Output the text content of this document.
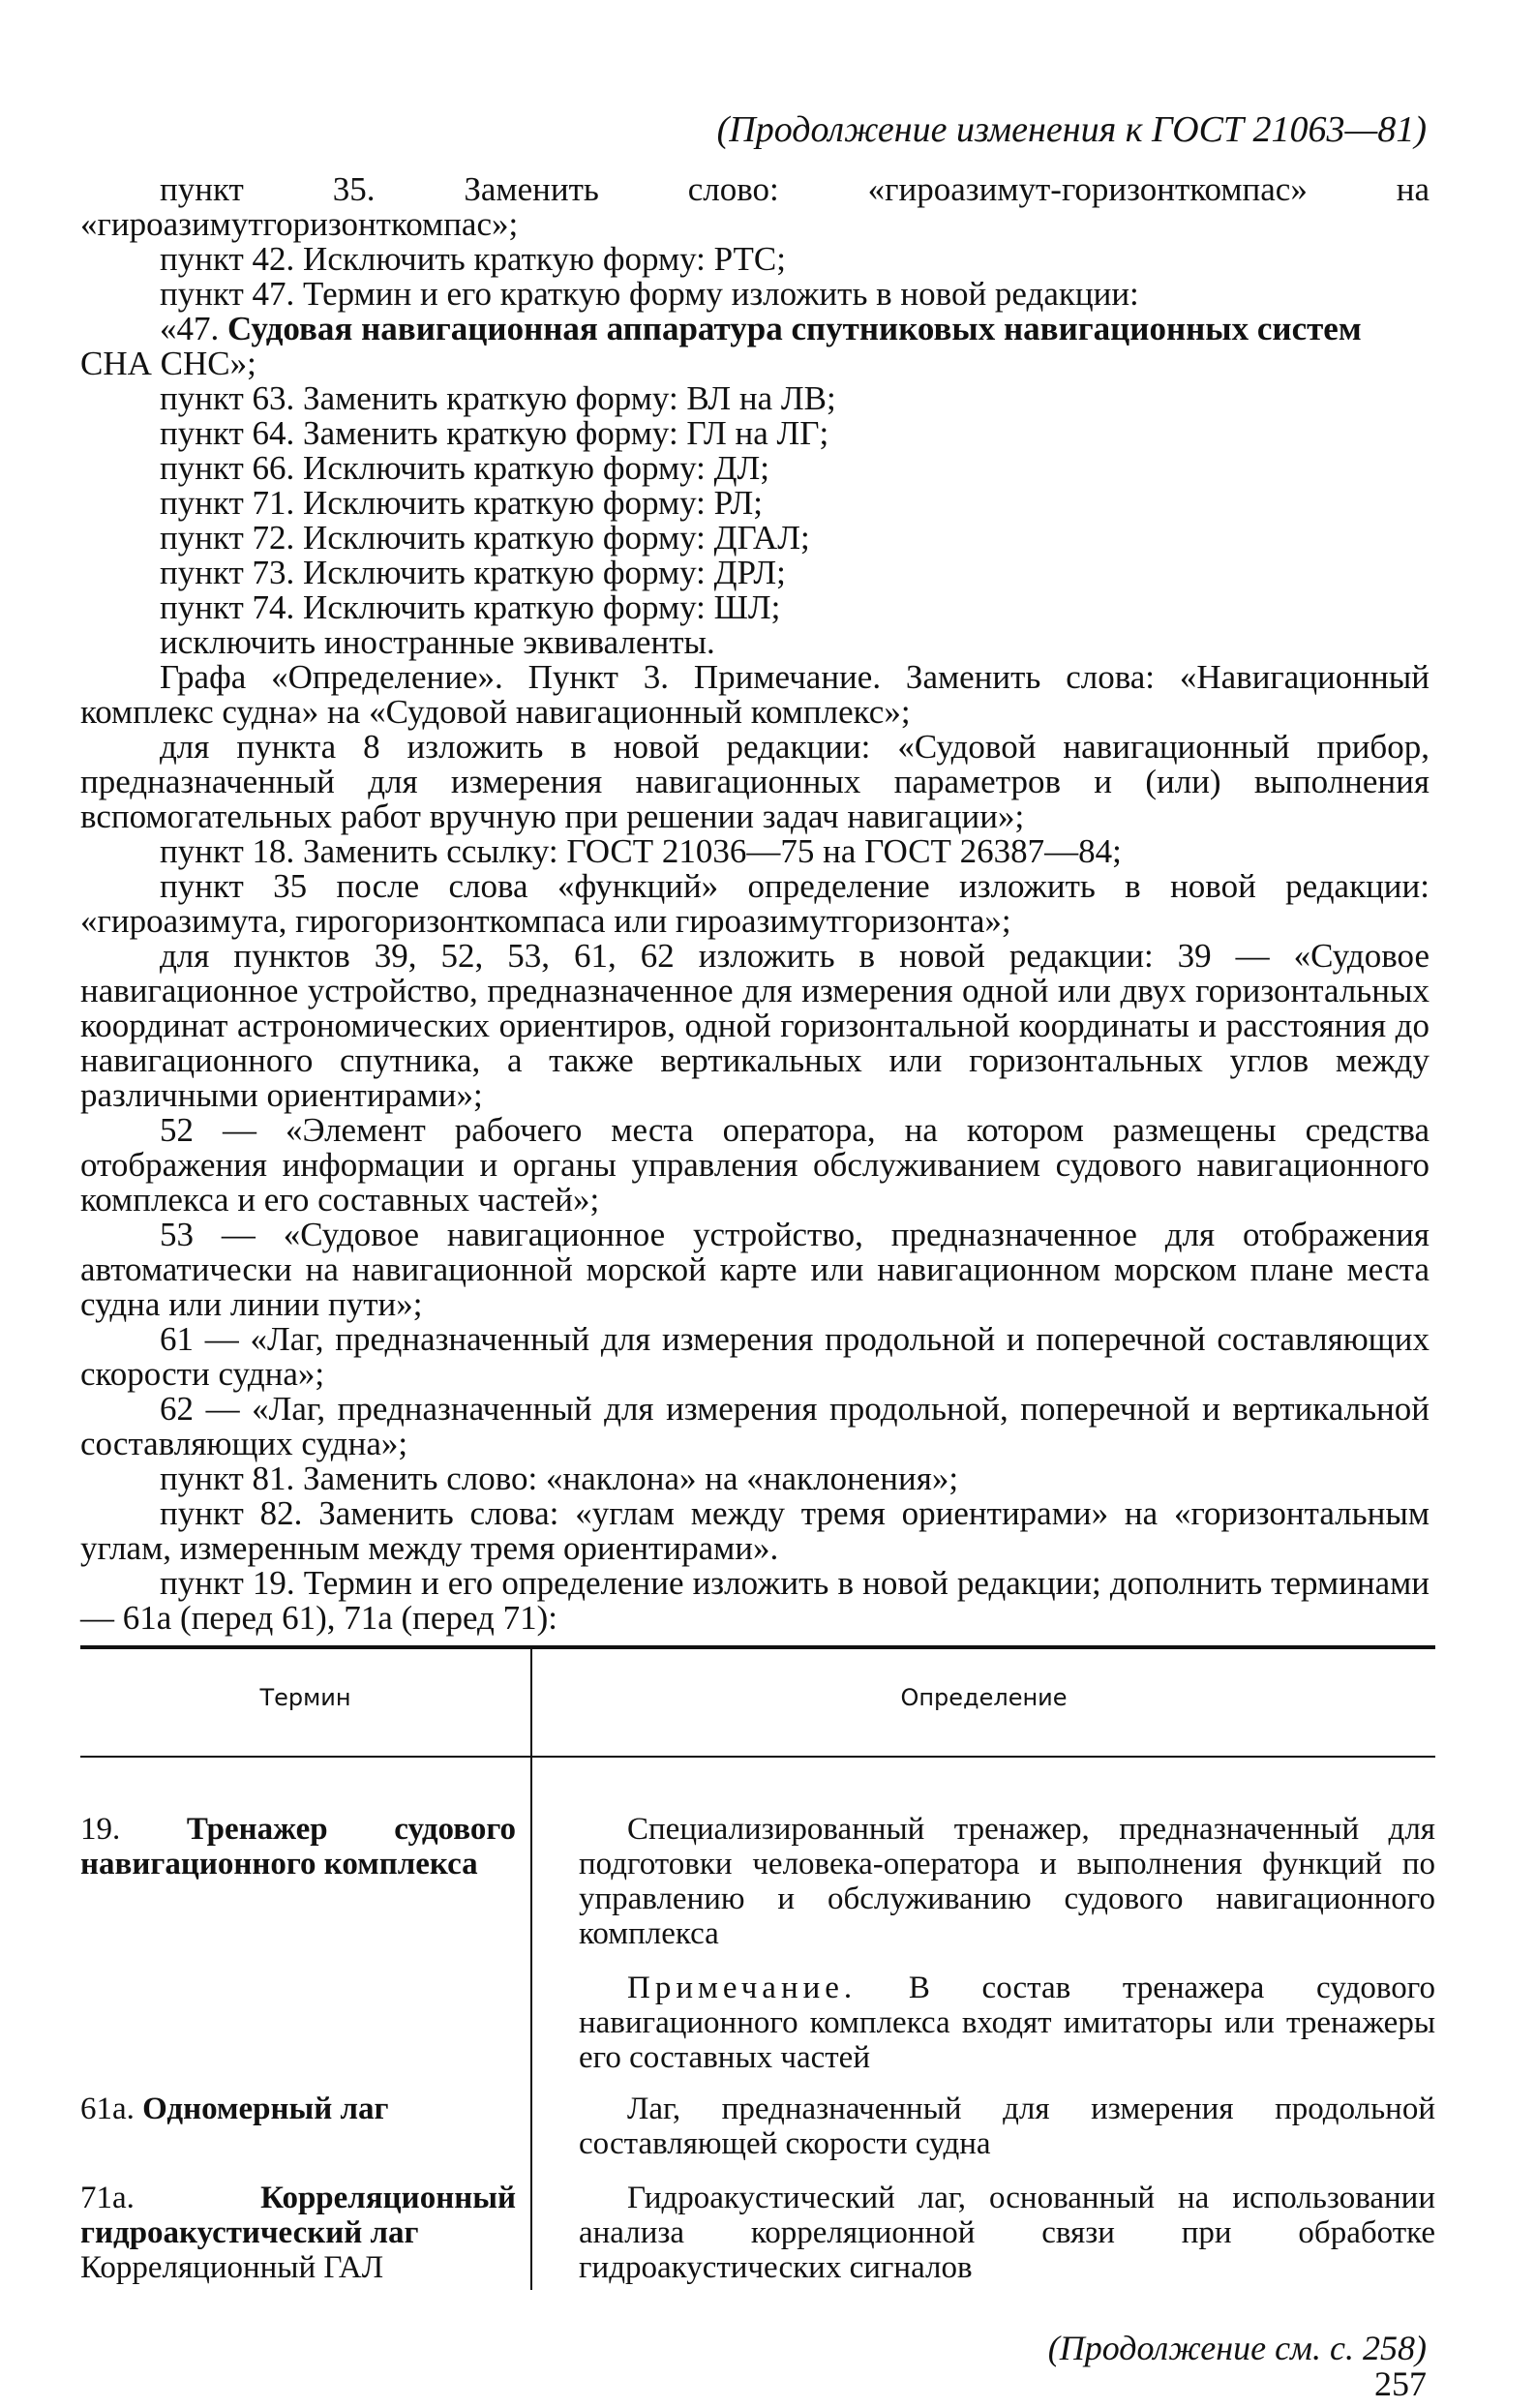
(Продолжение изменения к ГОСТ 21063—81)

пункт 35. Заменить слово: «гироазимут-горизонткомпас» на «гироазимутгоризонткомпас»;

пункт 42. Исключить краткую форму: РТС;

пункт 47. Термин и его краткую форму изложить в новой редакции:

«47. Судовая навигационная аппаратура спутниковых навигационных систем

СНА СНС»;

пункт 63. Заменить краткую форму: ВЛ на ЛВ;

пункт 64. Заменить краткую форму: ГЛ на ЛГ;

пункт 66. Исключить краткую форму: ДЛ;

пункт 71. Исключить краткую форму: РЛ;

пункт 72. Исключить краткую форму: ДГАЛ;

пункт 73. Исключить краткую форму: ДРЛ;

пункт 74. Исключить краткую форму: ШЛ;

исключить иностранные эквиваленты.

Графа «Определение». Пункт 3. Примечание. Заменить слова: «Навигационный комплекс судна» на «Судовой навигационный комплекс»;

для пункта 8 изложить в новой редакции: «Судовой навигационный прибор, предназначенный для измерения навигационных параметров и (или) выполнения вспомогательных работ вручную при решении задач навигации»;

пункт 18. Заменить ссылку: ГОСТ 21036—75 на ГОСТ 26387—84;

пункт 35 после слова «функций» определение изложить в новой редакции: «гироазимута, гирогоризонткомпаса или гироазимутгоризонта»;

для пунктов 39, 52, 53, 61, 62 изложить в новой редакции: 39 — «Судовое навигационное устройство, предназначенное для измерения одной или двух горизонтальных координат астрономических ориентиров, одной горизонтальной координаты и расстояния до навигационного спутника, а также вертикальных или горизонтальных углов между различными ориентирами»;

52 — «Элемент рабочего места оператора, на котором размещены средства отображения информации и органы управления обслуживанием судового навигационного комплекса и его составных частей»;

53 — «Судовое навигационное устройство, предназначенное для отображения автоматически на навигационной морской карте или навигационном морском плане места судна или линии пути»;

61 — «Лаг, предназначенный для измерения продольной и поперечной составляющих скорости судна»;

62 — «Лаг, предназначенный для измерения продольной, поперечной и вертикальной составляющих судна»;

пункт 81. Заменить слово: «наклона» на «наклонения»;

пункт 82. Заменить слова: «углам между тремя ориентирами» на «горизонтальным углам, измеренным между тремя ориентирами».

пункт 19. Термин и его определение изложить в новой редакции; дополнить терминами — 61а (перед 61), 71а (перед 71):

Термин	Определение
19. Тренажер судового навигационного комплекса

Специализированный тренажер, предназначенный для подготовки человека-оператора и выполнения функций по управлению и обслуживанию судового навигационного комплекса

Примечание. В состав тренажера судового навигационного комплекса входят имитаторы или тренажеры его составных частей

61а. Одномерный лаг	Лаг, предназначенный для измерения продольной составляющей скорости судна

71а. Корреляционный гидроакустический лаг
Корреляционный ГАЛ

Гидроакустический лаг, основанный на использовании анализа корреляционной связи при обработке гидроакустических сигналов

(Продолжение см. с. 258)
257
